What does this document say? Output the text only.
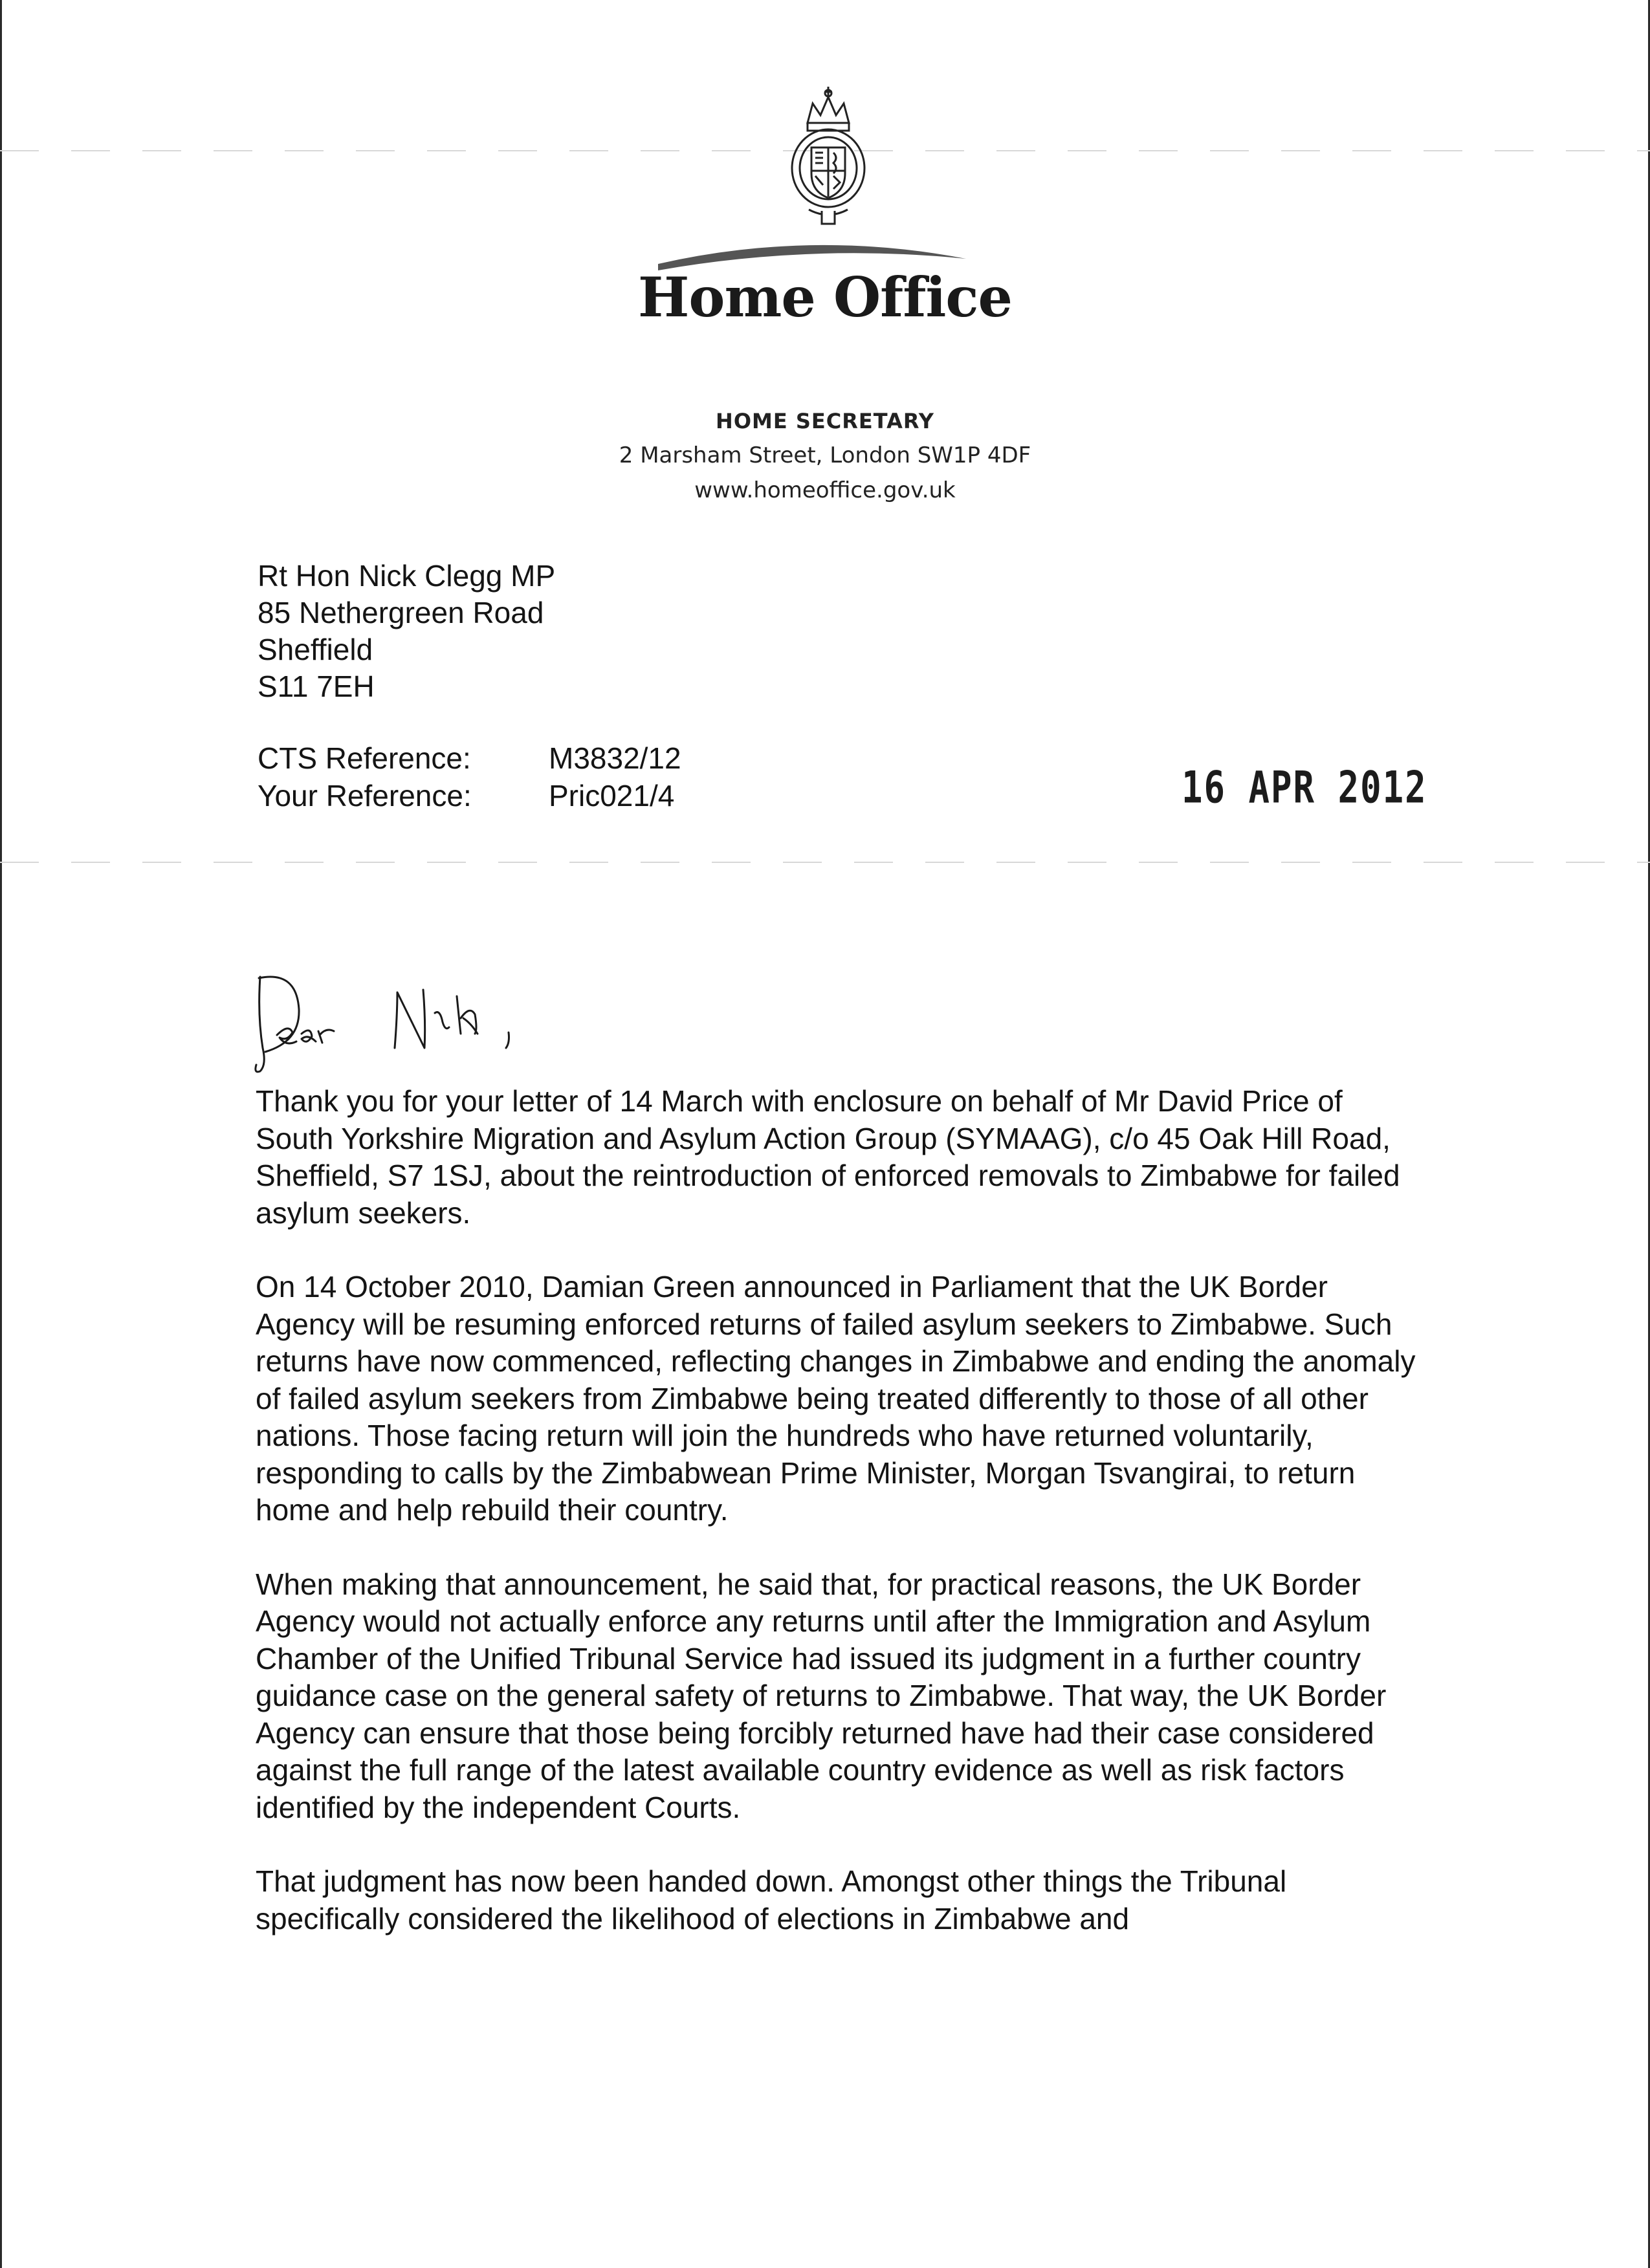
Home Office
HOME SECRETARY
2 Marsham Street, London SW1P 4DF
www.homeoffice.gov.uk
Rt Hon Nick Clegg MP
85 Nethergreen Road
Sheffield
S11 7EH
CTS Reference:	M3832/12
Your Reference:	Pric021/4	16 APR 2012

Thank you for your letter of 14 March with enclosure on behalf of Mr David Price of South Yorkshire Migration and Asylum Action Group (SYMAAG), c/o 45 Oak Hill Road, Sheffield, S7 1SJ, about the reintroduction of enforced removals to Zimbabwe for failed asylum seekers.

On 14 October 2010, Damian Green announced in Parliament that the UK Border Agency will be resuming enforced returns of failed asylum seekers to Zimbabwe. Such returns have now commenced, reflecting changes in Zimbabwe and ending the anomaly of failed asylum seekers from Zimbabwe being treated differently to those of all other nations. Those facing return will join the hundreds who have returned voluntarily, responding to calls by the Zimbabwean Prime Minister, Morgan Tsvangirai, to return home and help rebuild their country.

When making that announcement, he said that, for practical reasons, the UK Border Agency would not actually enforce any returns until after the Immigration and Asylum Chamber of the Unified Tribunal Service had issued its judgment in a further country guidance case on the general safety of returns to Zimbabwe. That way, the UK Border Agency can ensure that those being forcibly returned have had their case considered against the full range of the latest available country evidence as well as risk factors identified by the independent Courts.

That judgment has now been handed down. Amongst other things the Tribunal specifically considered the likelihood of elections in Zimbabwe and
